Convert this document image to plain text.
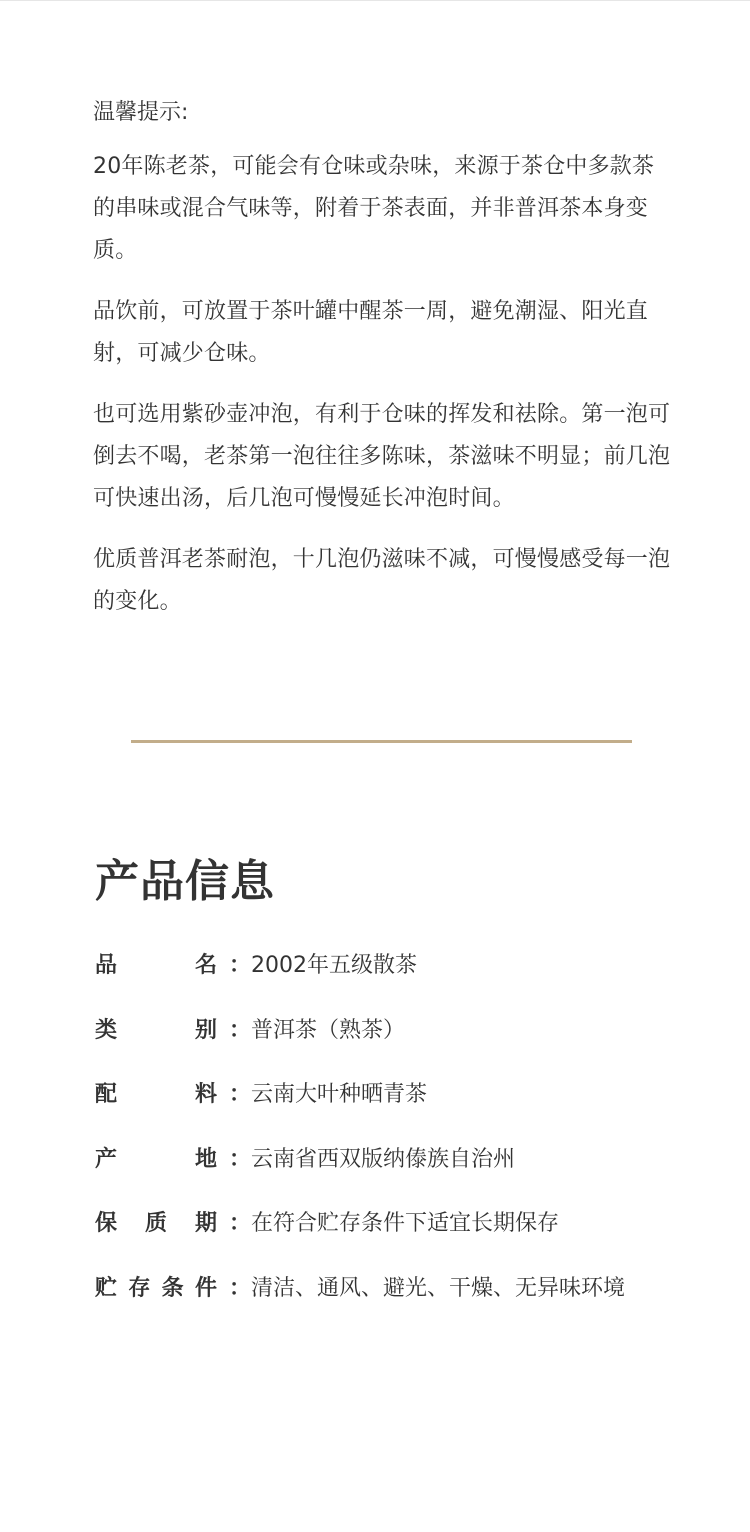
温馨提示:

20年陈老茶，可能会有仓味或杂味，来源于茶仓中多款茶的串味或混合气味等，附着于茶表面，并非普洱茶本身变质。

品饮前，可放置于茶叶罐中醒茶一周，避免潮湿、阳光直射，可减少仓味。

也可选用紫砂壶冲泡，有利于仓味的挥发和祛除。第一泡可倒去不喝，老茶第一泡往往多陈味，茶滋味不明显；前几泡可快速出汤，后几泡可慢慢延长冲泡时间。

优质普洱老茶耐泡，十几泡仍滋味不减，可慢慢感受每一泡的变化。

产品信息
品	名 ： 2002年五级散茶
类	别 ： 普洱茶（熟茶）
配	料 ： 云南大叶种晒青茶
产	地 ： 云南省西双版纳傣族自治州
保 质 期 ： 在符合贮存条件下适宜长期保存
贮 存 条 件 ： 清洁、通风、避光、干燥、无异味环境
